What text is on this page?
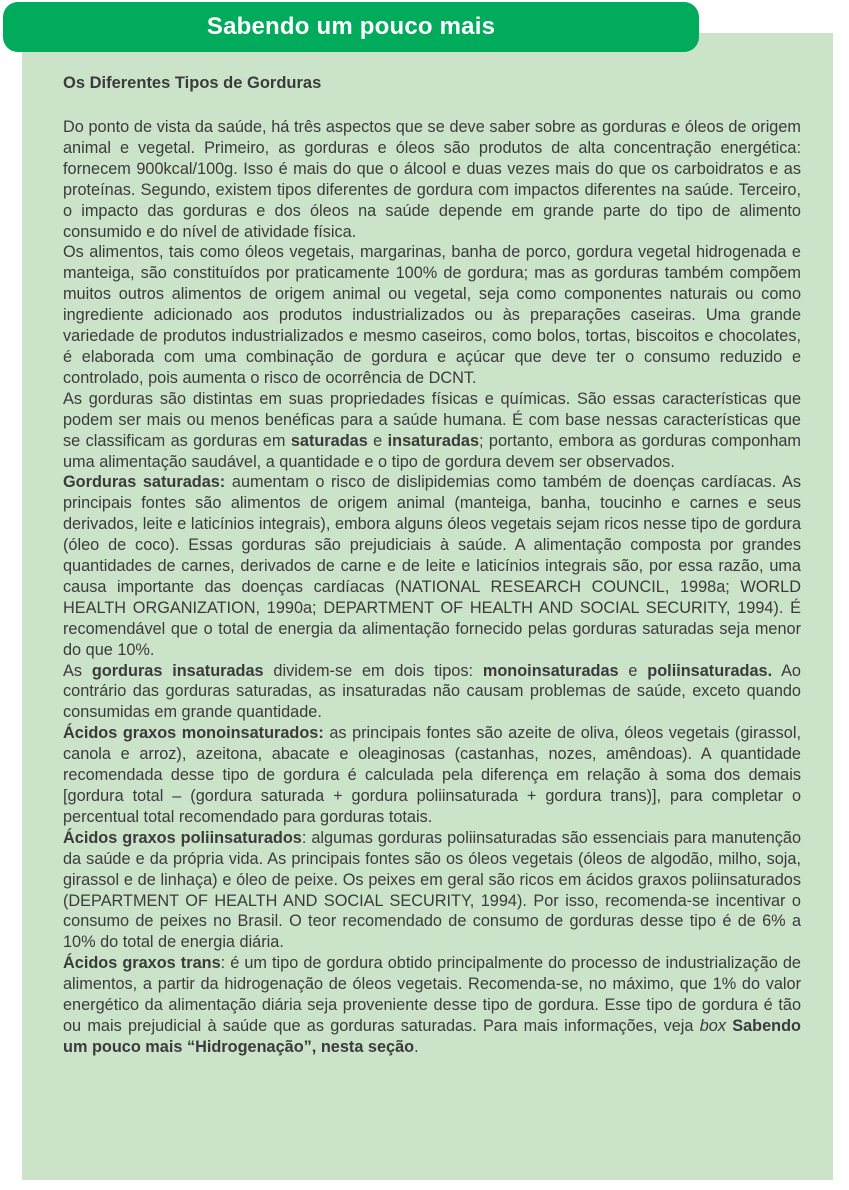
Os Diferentes Tipos de Gorduras

Do ponto de vista da saúde, há três aspectos que se deve saber sobre as gorduras e óleos de origem animal e vegetal. Primeiro, as gorduras e óleos são produtos de alta concentração energética: fornecem 900kcal/100g. Isso é mais do que o álcool e duas vezes mais do que os carboidratos e as proteínas. Segundo, existem tipos diferentes de gordura com impactos diferentes na saúde. Terceiro, o impacto das gorduras e dos óleos na saúde depende em grande parte do tipo de alimento consumido e do nível de atividade física.

Os alimentos, tais como óleos vegetais, margarinas, banha de porco, gordura vegetal hidrogenada e manteiga, são constituídos por praticamente 100% de gordura; mas as gorduras também compõem muitos outros alimentos de origem animal ou vegetal, seja como componentes naturais ou como ingrediente adicionado aos produtos industrializados ou às preparações caseiras. Uma grande variedade de produtos industrializados e mesmo caseiros, como bolos, tortas, biscoitos e chocolates, é elaborada com uma combinação de gordura e açúcar que deve ter o consumo reduzido e controlado, pois aumenta o risco de ocorrência de DCNT.

As gorduras são distintas em suas propriedades físicas e químicas. São essas características que podem ser mais ou menos benéficas para a saúde humana. É com base nessas características que se classificam as gorduras em saturadas e insaturadas; portanto, embora as gorduras componham uma alimentação saudável, a quantidade e o tipo de gordura devem ser observados.

Gorduras saturadas: aumentam o risco de dislipidemias como também de doenças cardíacas. As principais fontes são alimentos de origem animal (manteiga, banha, toucinho e carnes e seus derivados, leite e laticínios integrais), embora alguns óleos vegetais sejam ricos nesse tipo de gordura (óleo de coco). Essas gorduras são prejudiciais à saúde. A alimentação composta por grandes quantidades de carnes, derivados de carne e de leite e laticínios integrais são, por essa razão, uma causa importante das doenças cardíacas (NATIONAL RESEARCH COUNCIL, 1998a; WORLD HEALTH ORGANIZATION, 1990a; DEPARTMENT OF HEALTH AND SOCIAL SECURITY, 1994). É recomendável que o total de energia da alimentação fornecido pelas gorduras saturadas seja menor do que 10%.

As gorduras insaturadas dividem-se em dois tipos: monoinsaturadas e poliinsaturadas. Ao contrário das gorduras saturadas, as insaturadas não causam problemas de saúde, exceto quando consumidas em grande quantidade.

Ácidos graxos monoinsaturados: as principais fontes são azeite de oliva, óleos vegetais (girassol, canola e arroz), azeitona, abacate e oleaginosas (castanhas, nozes, amêndoas). A quantidade recomendada desse tipo de gordura é calculada pela diferença em relação à soma dos demais [gordura total – (gordura saturada + gordura poliinsaturada + gordura trans)], para completar o percentual total recomendado para gorduras totais.

Ácidos graxos poliinsaturados: algumas gorduras poliinsaturadas são essenciais para manutenção da saúde e da própria vida. As principais fontes são os óleos vegetais (óleos de algodão, milho, soja, girassol e de linhaça) e óleo de peixe. Os peixes em geral são ricos em ácidos graxos poliinsaturados (DEPARTMENT OF HEALTH AND SOCIAL SECURITY, 1994). Por isso, recomenda-se incentivar o consumo de peixes no Brasil. O teor recomendado de consumo de gorduras desse tipo é de 6% a 10% do total de energia diária.

Ácidos graxos trans: é um tipo de gordura obtido principalmente do processo de industrialização de alimentos, a partir da hidrogenação de óleos vegetais. Recomenda-se, no máximo, que 1% do valor energético da alimentação diária seja proveniente desse tipo de gordura. Esse tipo de gordura é tão ou mais prejudicial à saúde que as gorduras saturadas. Para mais informações, veja box Sabendo um pouco mais “Hidrogenação”, nesta seção.

Sabendo um pouco mais
